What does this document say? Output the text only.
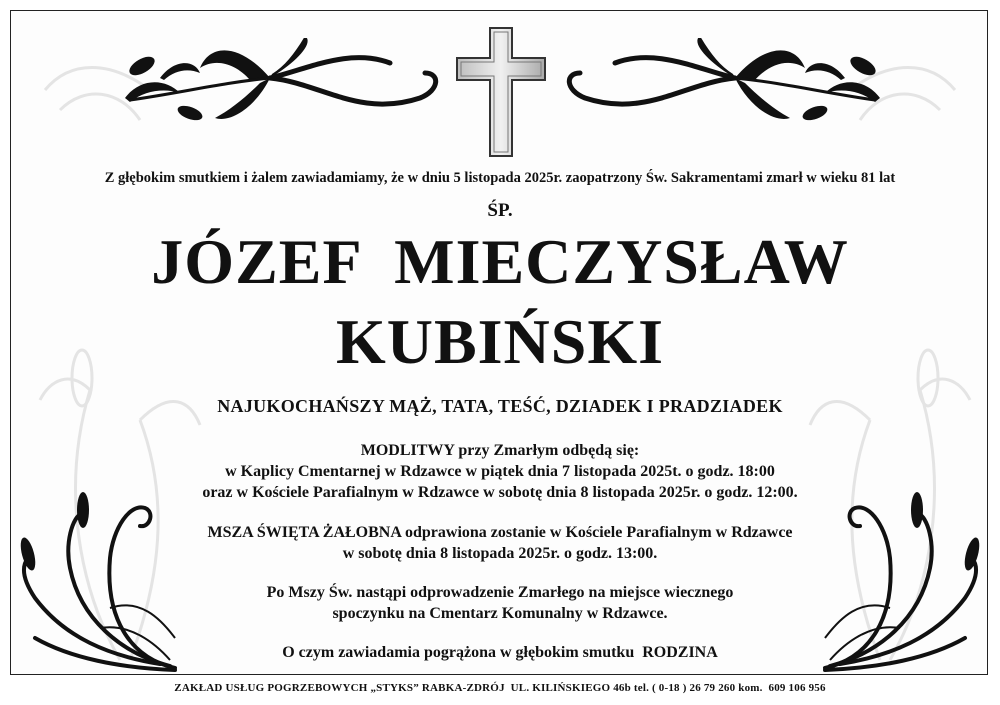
Z głębokim smutkiem i żalem zawiadamiamy, że w dniu 5 listopada 2025r. zaopatrzony Św. Sakramentami zmarł w wieku 81 lat
ŚP.
JÓZEF  MIECZYSŁAW
KUBIŃSKI
NAJUKOCHAŃSZY MĄŻ, TATA, TEŚĆ, DZIADEK I PRADZIADEK
MODLITWY przy Zmarłym odbędą się:
w Kaplicy Cmentarnej w Rdzawce w piątek dnia 7 listopada 2025t. o godz. 18:00
oraz w Kościele Parafialnym w Rdzawce w sobotę dnia 8 listopada 2025r. o godz. 12:00.
MSZA ŚWIĘTA ŻAŁOBNA odprawiona zostanie w Kościele Parafialnym w Rdzawce
w sobotę dnia 8 listopada 2025r. o godz. 13:00.
Po Mszy Św. nastąpi odprowadzenie Zmarłego na miejsce wiecznego
spoczynku na Cmentarz Komunalny w Rdzawce.
O czym zawiadamia pogrążona w głębokim smutku  RODZINA
ZAKŁAD USŁUG POGRZEBOWYCH „STYKS” RABKA-ZDRÓJ  UL. KILIŃSKIEGO 46b tel. ( 0-18 ) 26 79 260 kom.  609 106 956
